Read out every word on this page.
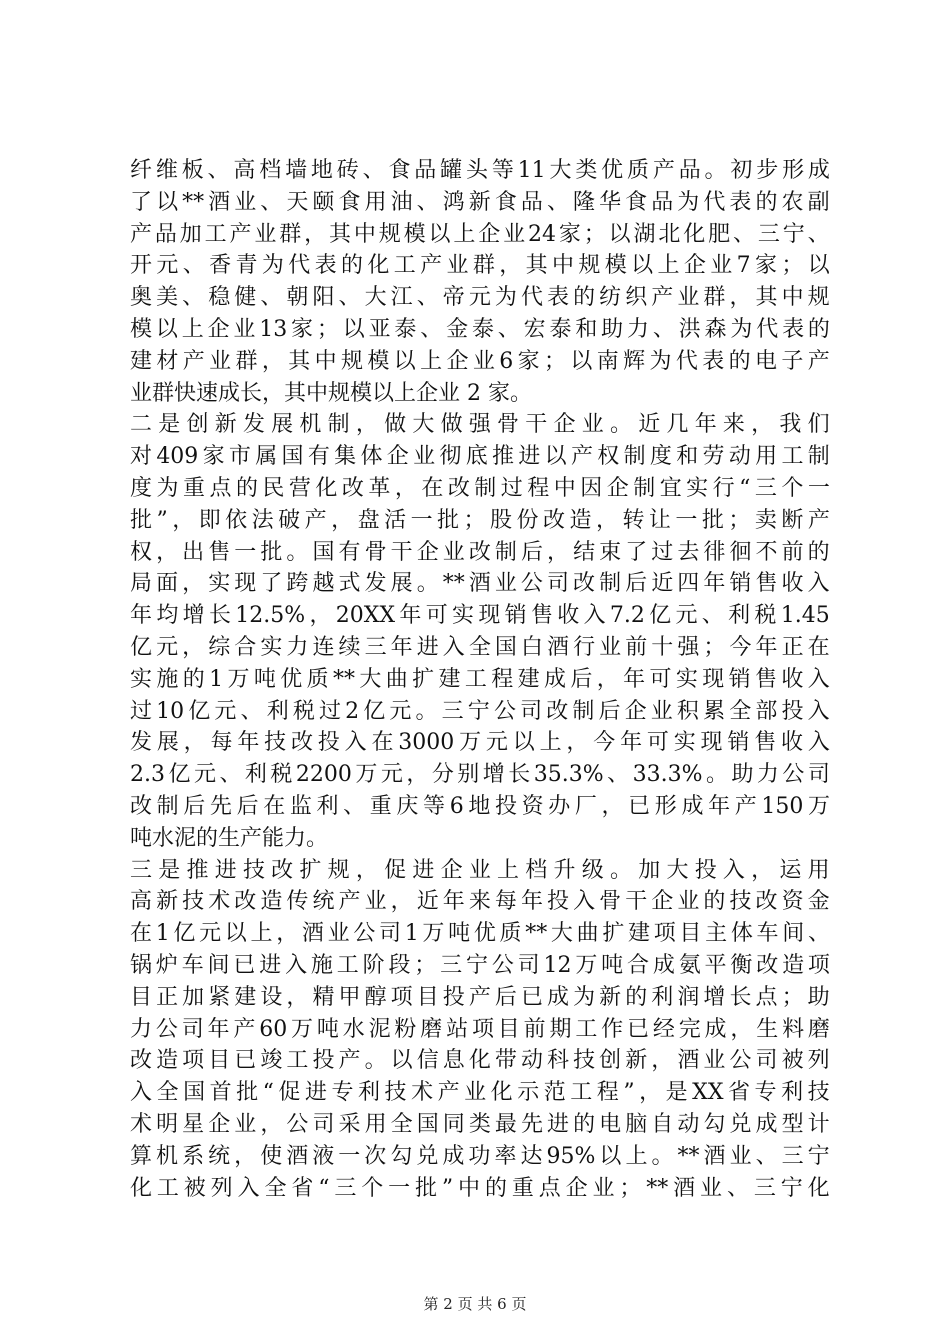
纤 维 板 、 高 档 墙 地 砖 、 食 品 罐 头 等 11 大 类 优 质 产 品 。 初 步 形 成
了 以 ** 酒 业 、 天 颐 食 用 油 、 鸿 新 食 品 、 隆 华 食 品 为 代 表 的 农 副
产 品 加 工 产 业 群 ， 其 中 规 模 以 上 企 业 24 家 ； 以 湖 北 化 肥 、 三 宁 、
开 元 、 香 青 为 代 表 的 化 工 产 业 群 ， 其 中 规 模 以 上 企 业 7 家 ； 以
奥 美 、 稳 健 、 朝 阳 、 大 江 、 帝 元 为 代 表 的 纺 织 产 业 群 ， 其 中 规
模 以 上 企 业 13 家 ； 以 亚 泰 、 金 泰 、 宏 泰 和 助 力 、 洪 森 为 代 表 的
建 材 产 业 群 ， 其 中 规 模 以 上 企 业 6 家 ； 以 南 辉 为 代 表 的 电 子 产
业群快速成长，其中规模以上企业 2 家。
二 是 创 新 发 展 机 制 ， 做 大 做 强 骨 干 企 业 。 近 几 年 来 ， 我 们
对 409 家 市 属 国 有 集 体 企 业 彻 底 推 进 以 产 权 制 度 和 劳 动 用 工 制
度 为 重 点 的 民 营 化 改 革 ， 在 改 制 过 程 中 因 企 制 宜 实 行 “ 三 个 一
批 ” ， 即 依 法 破 产 ， 盘 活 一 批 ； 股 份 改 造 ， 转 让 一 批 ； 卖 断 产
权 ， 出 售 一 批 。 国 有 骨 干 企 业 改 制 后 ， 结 束 了 过 去 徘 徊 不 前 的
局 面 ， 实 现 了 跨 越 式 发 展 。 ** 酒 业 公 司 改 制 后 近 四 年 销 售 收 入
年 均 增 长 12.5% ， 20XX 年 可 实 现 销 售 收 入 7.2 亿 元 、 利 税 1.45
亿 元 ， 综 合 实 力 连 续 三 年 进 入 全 国 白 酒 行 业 前 十 强 ； 今 年 正 在
实 施 的 1 万 吨 优 质 ** 大 曲 扩 建 工 程 建 成 后 ， 年 可 实 现 销 售 收 入
过 10 亿 元 、 利 税 过 2 亿 元 。 三 宁 公 司 改 制 后 企 业 积 累 全 部 投 入
发 展 ， 每 年 技 改 投 入 在 3000 万 元 以 上 ， 今 年 可 实 现 销 售 收 入
2.3 亿 元 、 利 税 2200 万 元 ， 分 别 增 长 35.3% 、 33.3% 。 助 力 公 司
改 制 后 先 后 在 监 利 、 重 庆 等 6 地 投 资 办 厂 ， 已 形 成 年 产 150 万
吨水泥的生产能力。
三 是 推 进 技 改 扩 规 ， 促 进 企 业 上 档 升 级 。 加 大 投 入 ， 运 用
高 新 技 术 改 造 传 统 产 业 ， 近 年 来 每 年 投 入 骨 干 企 业 的 技 改 资 金
在 1 亿 元 以 上 ， 酒 业 公 司 1 万 吨 优 质 ** 大 曲 扩 建 项 目 主 体 车 间 、
锅 炉 车 间 已 进 入 施 工 阶 段 ； 三 宁 公 司 12 万 吨 合 成 氨 平 衡 改 造 项
目 正 加 紧 建 设 ， 精 甲 醇 项 目 投 产 后 已 成 为 新 的 利 润 增 长 点 ； 助
力 公 司 年 产 60 万 吨 水 泥 粉 磨 站 项 目 前 期 工 作 已 经 完 成 ， 生 料 磨
改 造 项 目 已 竣 工 投 产 。 以 信 息 化 带 动 科 技 创 新 ， 酒 业 公 司 被 列
入 全 国 首 批 “ 促 进 专 利 技 术 产 业 化 示 范 工 程 ” ， 是 XX 省 专 利 技
术 明 星 企 业 ， 公 司 采 用 全 国 同 类 最 先 进 的 电 脑 自 动 勾 兑 成 型 计
算 机 系 统 ， 使 酒 液 一 次 勾 兑 成 功 率 达 95% 以 上 。 ** 酒 业 、 三 宁
化 工 被 列 入 全 省 “ 三 个 一 批 ” 中 的 重 点 企 业 ； ** 酒 业 、 三 宁 化
第 2 页 共 6 页
